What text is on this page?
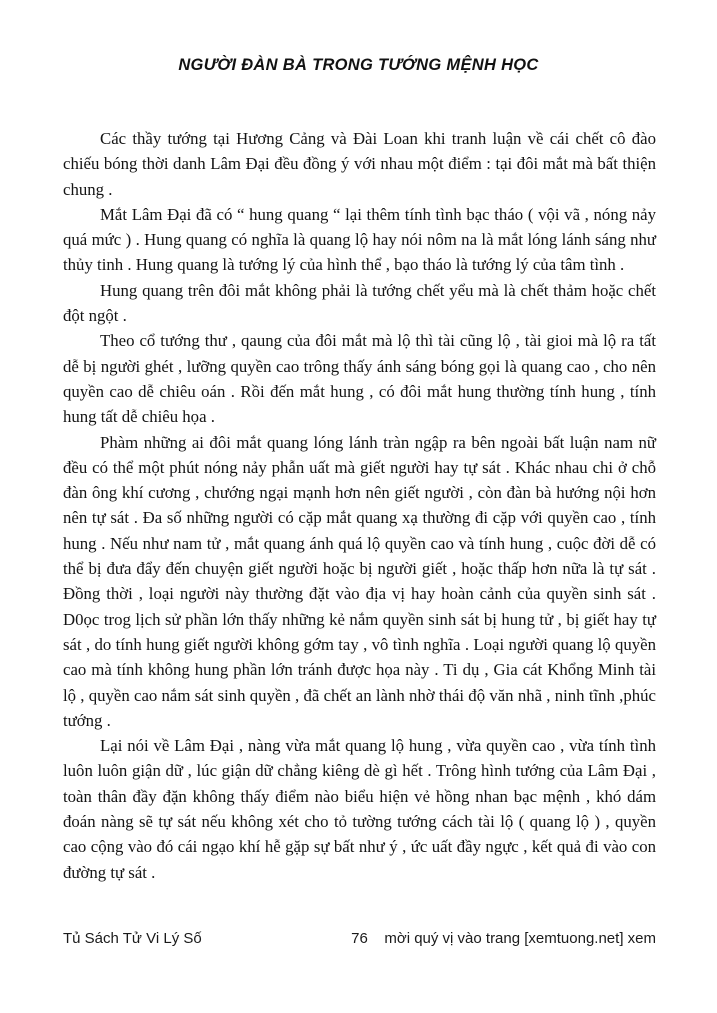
NGƯỜI ĐÀN BÀ TRONG TƯỚNG MỆNH HỌC

Các thầy tướng tại Hương Cảng và Đài Loan khi tranh luận về cái chết cô đào chiếu bóng thời danh Lâm Đại đều đồng ý với nhau một điểm : tại đôi mắt mà bất thiện chung .

Mắt Lâm Đại đã có “ hung quang “ lại thêm tính tình bạc tháo ( vội vã , nóng nảy quá mức ) . Hung quang có nghĩa là quang lộ hay nói nôm na là mắt lóng lánh sáng như thủy tinh . Hung quang là tướng lý của hình thể , bạo tháo là tướng lý của tâm tình .

Hung quang trên đôi mắt không phải là tướng chết yểu mà là chết thảm hoặc chết đột ngột .

Theo cổ tướng thư , qaung của đôi mắt mà lộ thì tài cũng lộ , tài gioi mà lộ ra tất dễ bị người ghét , lưỡng quyền cao trông thấy ánh sáng bóng gọi là quang cao , cho nên quyền cao dễ chiêu oán . Rồi đến mắt hung , có đôi mắt hung thường tính hung , tính hung tất dễ chiêu họa .

Phàm những ai đôi mắt quang lóng lánh tràn ngập ra bên ngoài bất luận nam nữ đều có thể một phút nóng nảy phẫn uất mà giết người hay tự sát . Khác nhau chi ở chỗ đàn ông khí cương , chướng ngại mạnh hơn nên giết người , còn đàn bà hướng nội hơn nên tự sát . Đa số những người có cặp mắt quang xạ thường đi cặp với quyền cao , tính hung . Nếu như nam tử , mắt quang ánh quá lộ quyền cao và tính hung , cuộc đời dễ có thể bị đưa đẩy đến chuyện giết người hoặc bị người giết , hoặc thấp hơn nữa là tự sát . Đồng thời , loại người này thường đặt vào địa vị hay hoàn cảnh của quyền sinh sát . D0ọc trog lịch sử phần lớn thấy những kẻ nắm quyền sinh sát bị hung tử , bị giết hay tự sát , do tính hung giết người không gớm tay , vô tình nghĩa . Loại người quang lộ quyền cao mà tính không hung phần lớn tránh được họa này . Ti dụ , Gia cát Khổng Minh tài lộ , quyền cao nắm sát sinh quyền , đã chết an lành nhờ thái độ văn nhã , ninh tĩnh ,phúc tướng .

Lại nói về Lâm Đại , nàng vừa mắt quang lộ hung , vừa quyền cao , vừa tính tình luôn luôn giận dữ , lúc giận dữ chẳng kiêng dè gì hết . Trông hình tướng của Lâm Đại , toàn thân đầy đặn không thấy điểm nào biểu hiện vẻ hồng nhan bạc mệnh , khó dám đoán nàng sẽ tự sát nếu không xét cho tỏ tường tướng cách tài lộ ( quang lộ ) , quyền cao cộng vào đó cái ngạo khí hễ gặp sự bất như ý , ức uất đầy ngực , kết quả đi vào con đường tự sát .

Tủ Sách Tử Vi Lý Số	76	mời quý vị vào trang [xemtuong.net] xem
